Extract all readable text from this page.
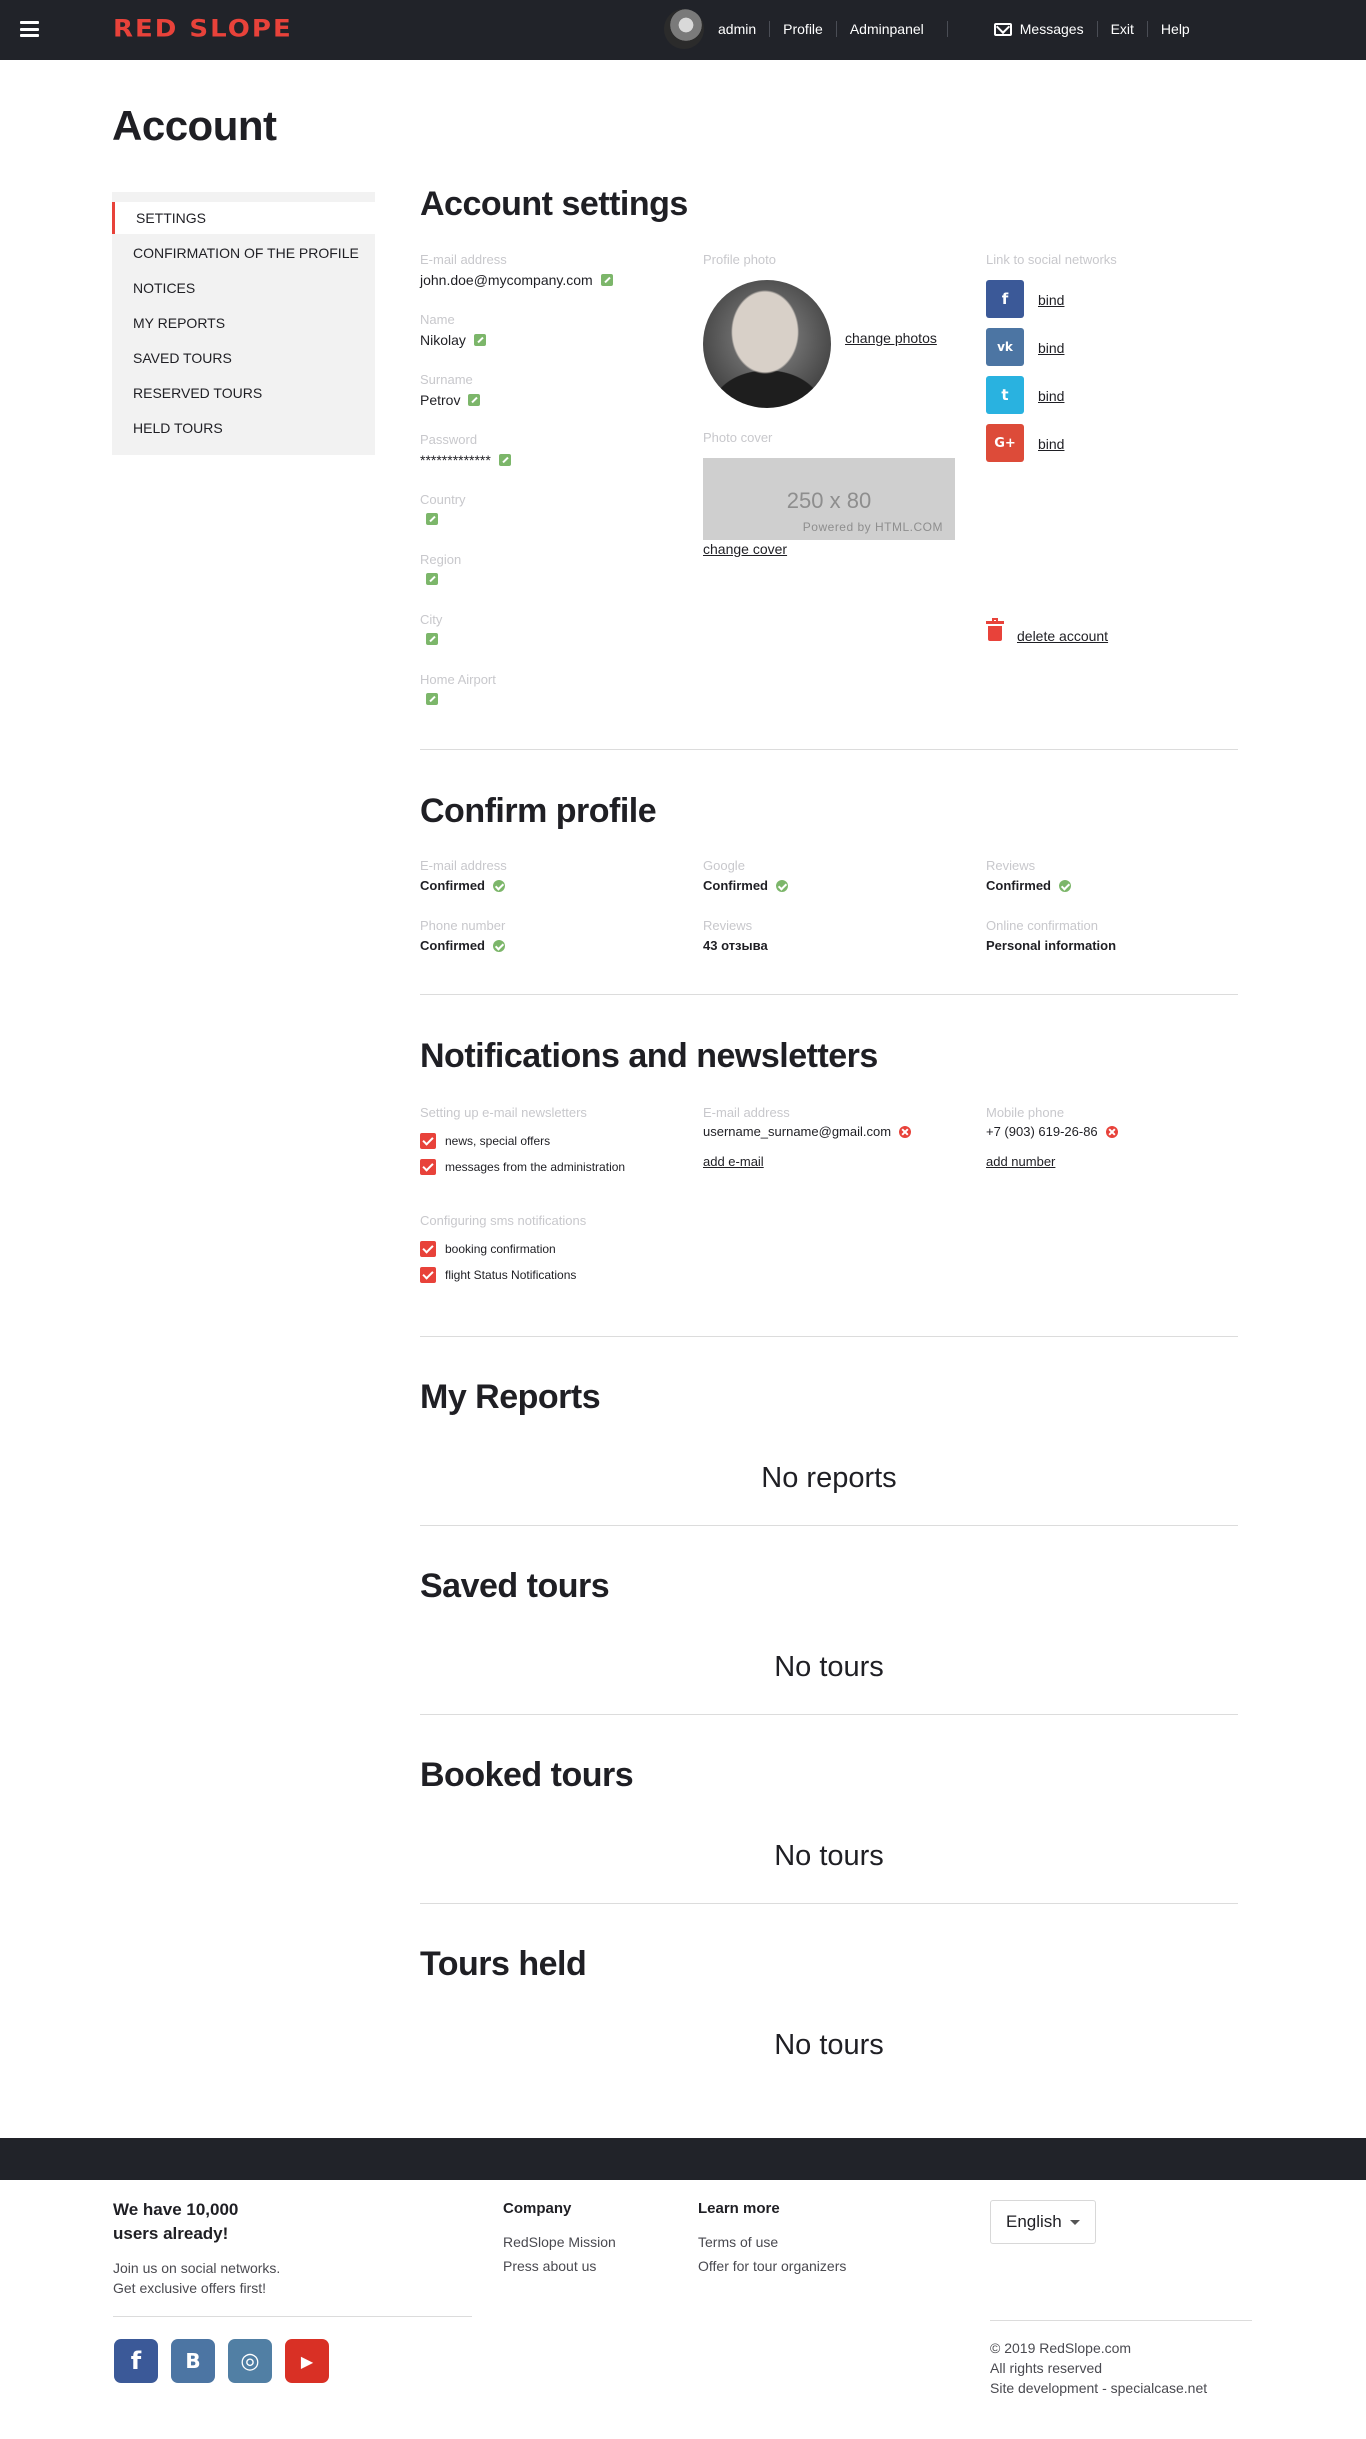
RED SLOPE	admin	Profile	Adminpanel	Messages	Exit	Help
Account
SETTINGS
CONFIRMATION OF THE PROFILE
NOTICES
MY REPORTS
SAVED TOURS
RESERVED TOURS
HELD TOURS
Account settings
E-mail address
john.doe@mycompany.com
Name
Nikolay
Surname
Petrov
Password
*************
Country
Region
City
Home Airport
Profile photo
change photos
Photo cover
250 x 80
Powered by HTML.COM
change cover
Link to social networks
f	bind
vk	bind
t	bind
G+	bind
delete account
Confirm profile
E-mail address
Confirmed
Google
Confirmed
Reviews
Confirmed
Phone number
Confirmed
Reviews
43 отзыва
Online confirmation
Personal information
Notifications and newsletters
Setting up e-mail newsletters
news, special offers
messages from the administration
Configuring sms notifications
booking confirmation
flight Status Notifications
E-mail address
username_surname@gmail.com
add e-mail
Mobile phone
+7 (903) 619-26-86
add number
My Reports
No reports
Saved tours
No tours
Booked tours
No tours
Tours held
No tours
We have 10,000 users already!
Join us on social networks.
Get exclusive offers first!
Company
RedSlope Mission
Press about us
Learn more
Terms of use
Offer for tour organizers
English
© 2019 RedSlope.com
All rights reserved
Site development - specialcase.net
f	B	◎	▶
